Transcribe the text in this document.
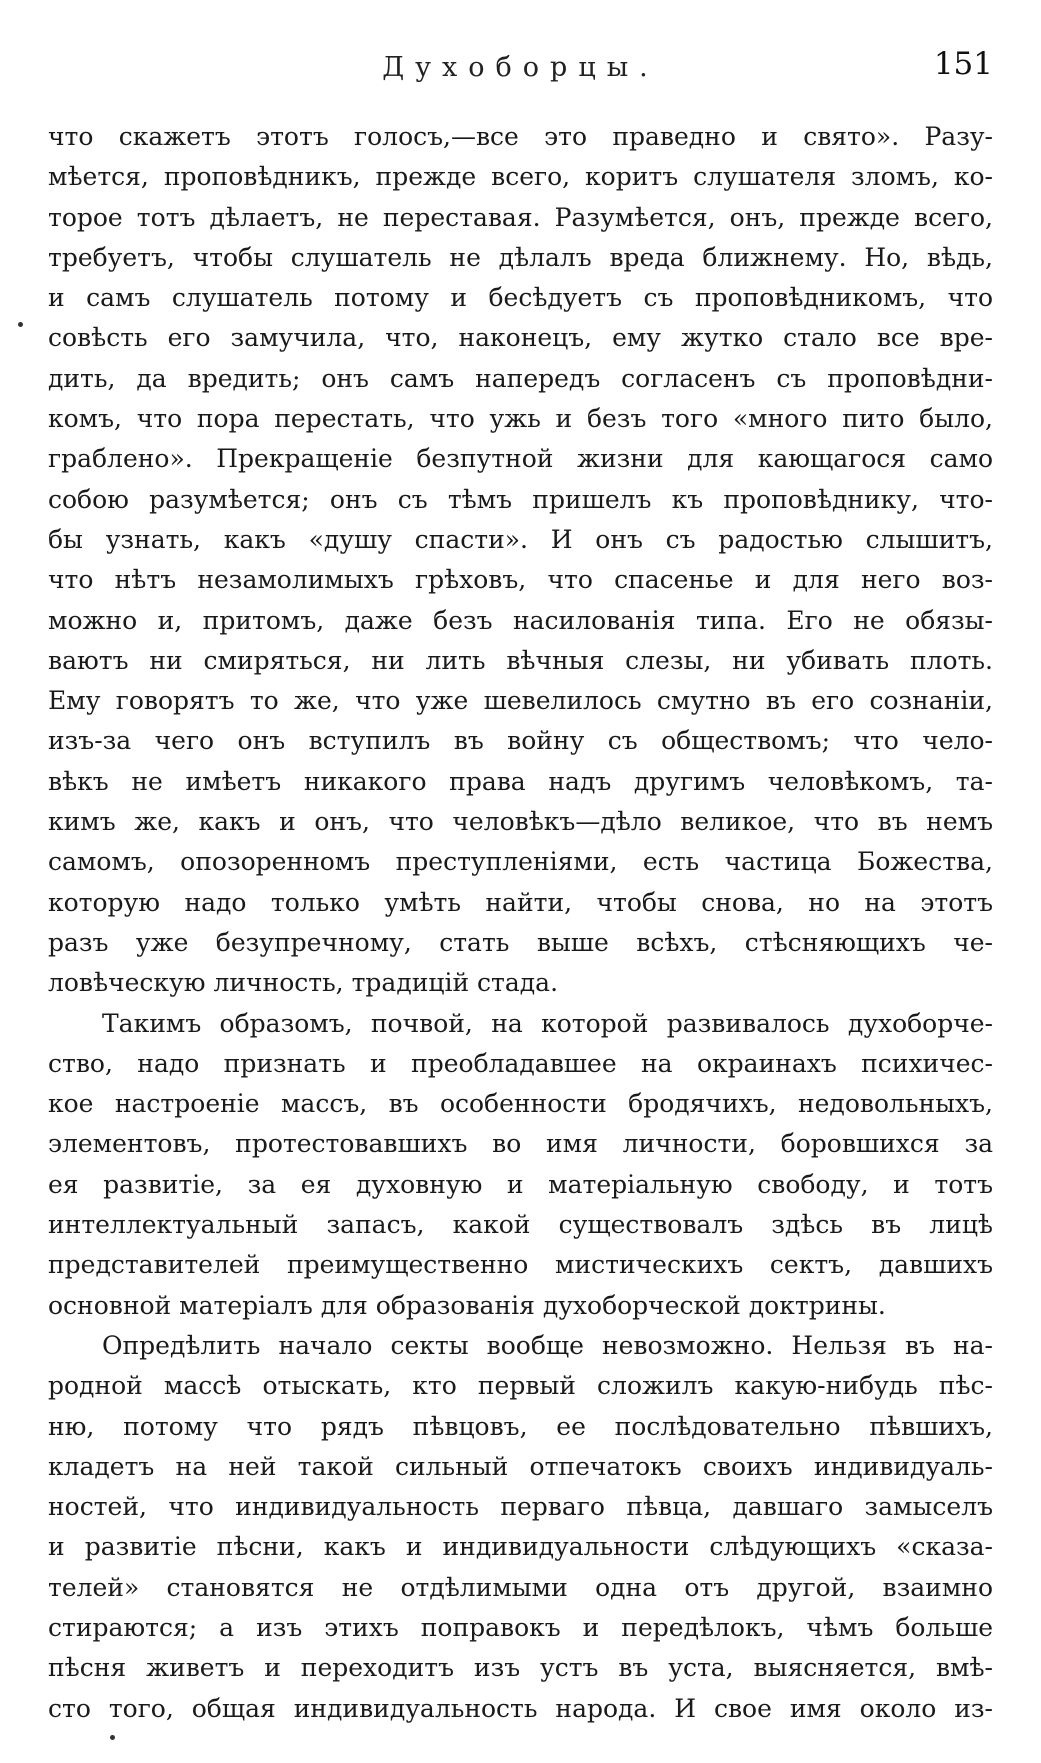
Духоборцы.	151
что скажетъ этотъ голосъ,—все это праведно и свято». Разу-
мѣется, проповѣдникъ, прежде всего, коритъ слушателя зломъ, ко-
торое тотъ дѣлаетъ, не переставая. Разумѣется, онъ, прежде всего,
требуетъ, чтобы слушатель не дѣлалъ вреда ближнему. Но, вѣдь,
и самъ слушатель потому и бесѣдуетъ съ проповѣдникомъ, что
совѣсть его замучила, что, наконецъ, ему жутко стало все вре-
дить, да вредить; онъ самъ напередъ согласенъ съ проповѣдни-
комъ, что пора перестать, что ужь и безъ того «много пито было,
граблено». Прекращеніе безпутной жизни для кающагося само
собою разумѣется; онъ съ тѣмъ пришелъ къ проповѣднику, что-
бы узнать, какъ «душу спасти». И онъ съ радостью слышитъ,
что нѣтъ незамолимыхъ грѣховъ, что спасенье и для него воз-
можно и, притомъ, даже безъ насилованія типа. Его не обязы-
ваютъ ни смиряться, ни лить вѣчныя слезы, ни убивать плоть.
Ему говорятъ то же, что уже шевелилось смутно въ его сознаніи,
изъ-за чего онъ вступилъ въ войну съ обществомъ; что чело-
вѣкъ не имѣетъ никакого права надъ другимъ человѣкомъ, та-
кимъ же, какъ и онъ, что человѣкъ—дѣло великое, что въ немъ
самомъ, опозоренномъ преступленіями, есть частица Божества,
которую надо только умѣть найти, чтобы снова, но на этотъ
разъ уже безупречному, стать выше всѣхъ, стѣсняющихъ че-
ловѣческую личность, традицій стада.
Такимъ образомъ, почвой, на которой развивалось духоборче-
ство, надо признать и преобладавшее на окраинахъ психичес-
кое настроеніе массъ, въ особенности бродячихъ, недовольныхъ,
элементовъ, протестовавшихъ во имя личности, боровшихся за
ея развитіе, за ея духовную и матеріальную свободу, и тотъ
интеллектуальный запасъ, какой существовалъ здѣсь въ лицѣ
представителей преимущественно мистическихъ сектъ, давшихъ
основной матеріалъ для образованія духоборческой доктрины.
Опредѣлить начало секты вообще невозможно. Нельзя въ на-
родной массѣ отыскать, кто первый сложилъ какую-нибудь пѣс-
ню, потому что рядъ пѣвцовъ, ее послѣдовательно пѣвшихъ,
кладетъ на ней такой сильный отпечатокъ своихъ индивидуаль-
ностей, что индивидуальность перваго пѣвца, давшаго замыселъ
и развитіе пѣсни, какъ и индивидуальности слѣдующихъ «сказа-
телей» становятся не отдѣлимыми одна отъ другой, взаимно
стираются; а изъ этихъ поправокъ и передѣлокъ, чѣмъ больше
пѣсня живетъ и переходитъ изъ устъ въ уста, выясняется, вмѣ-
сто того, общая индивидуальность народа. И свое имя около из-
